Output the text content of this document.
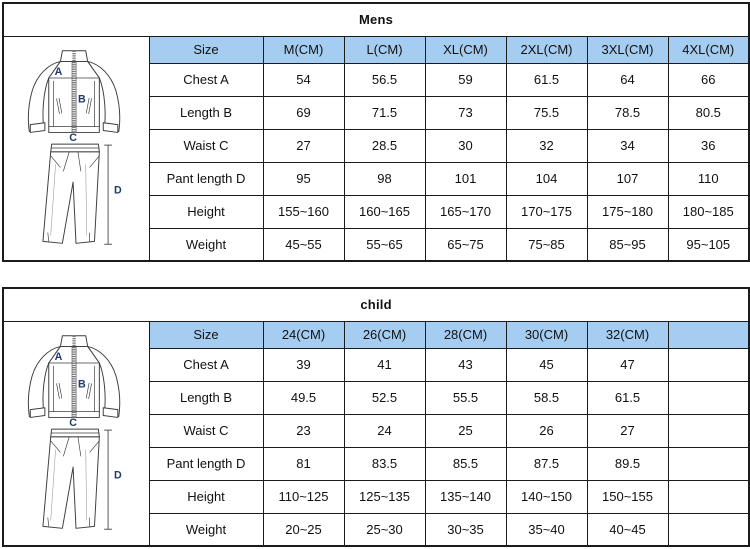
Mens							

	Size	M(CM)	L(CM)	XL(CM)	2XL(CM)	3XL(CM)	4XL(CM)
	Chest A	54	56.5	59	61.5	64	66
	Length B	69	71.5	73	75.5	78.5	80.5
	Waist C	27	28.5	30	32	34	36
	Pant length D	95	98	101	104	107	110
	Height	155~160	160~165	165~170	170~175	175~180	180~185
	Weight	45~55	55~65	65~75	75~85	85~95	95~105
child							

	Size	24(CM)	26(CM)	28(CM)	30(CM)	32(CM)	
	Chest A	39	41	43	45	47	
	Length B	49.5	52.5	55.5	58.5	61.5	
	Waist C	23	24	25	26	27	
	Pant length D	81	83.5	85.5	87.5	89.5	
	Height	110~125	125~135	135~140	140~150	150~155	
	Weight	20~25	25~30	30~35	35~40	40~45	
